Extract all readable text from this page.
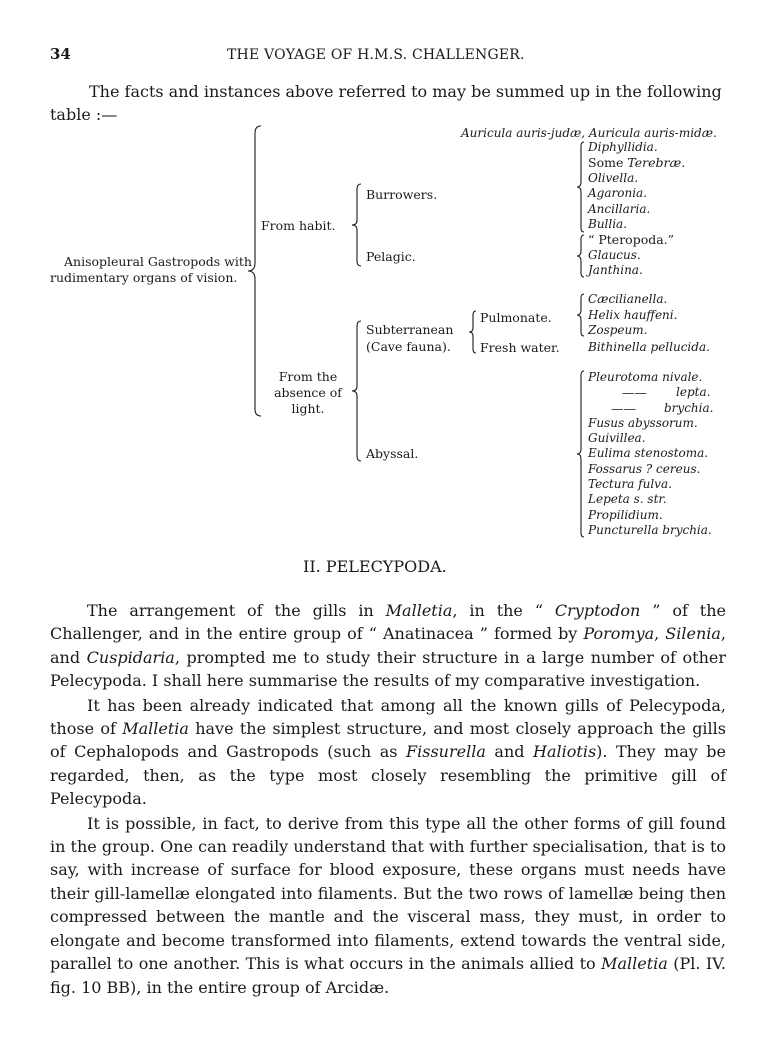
34	THE VOYAGE OF H.M.S. CHALLENGER.
The facts and instances above referred to may be summed up in the following
table :—
Anisopleural Gastropods with
rudimentary organs of vision.
From habit.
From the
absence of
light.
Burrowers.
Pelagic.
Subterranean
(Cave fauna).
Abyssal.
Pulmonate.
Fresh water.
Auricula auris-judæ, Auricula auris-midæ.
Diphyllidia.
Some Terebræ.
Olivella.
Agaronia.
Ancillaria.
Bullia.
“ Pteropoda.”
Glaucus.
Janthina.
Cæcilianella.
Helix hauffeni.
Zospeum.
Bithinella pellucida.
Pleurotoma nivale.
—— lepta.
—— brychia.
Fusus abyssorum.
Guivillea.
Eulima stenostoma.
Fossarus ? cereus.
Tectura fulva.
Lepeta s. str.
Propilidium.
Puncturella brychia.
II. PELECYPODA.

The arrangement of the gills in Malletia, in the “ Cryptodon ” of the Challenger, and in the entire group of “ Anatinacea ” formed by Poromya, Silenia, and Cuspidaria, prompted me to study their structure in a large number of other Pelecypoda. I shall here summarise the results of my comparative investigation.

It has been already indicated that among all the known gills of Pelecypoda, those of Malletia have the simplest structure, and most closely approach the gills of Cephalopods and Gastropods (such as Fissurella and Haliotis). They may be regarded, then, as the type most closely resembling the primitive gill of Pelecypoda.

It is possible, in fact, to derive from this type all the other forms of gill found in the group. One can readily understand that with further specialisation, that is to say, with increase of surface for blood exposure, these organs must needs have their gill-lamellæ elongated into filaments. But the two rows of lamellæ being then compressed between the mantle and the visceral mass, they must, in order to elongate and become transformed into filaments, extend towards the ventral side, parallel to one another. This is what occurs in the animals allied to Malletia (Pl. IV. fig. 10 BB), in the entire group of Arcidæ.
